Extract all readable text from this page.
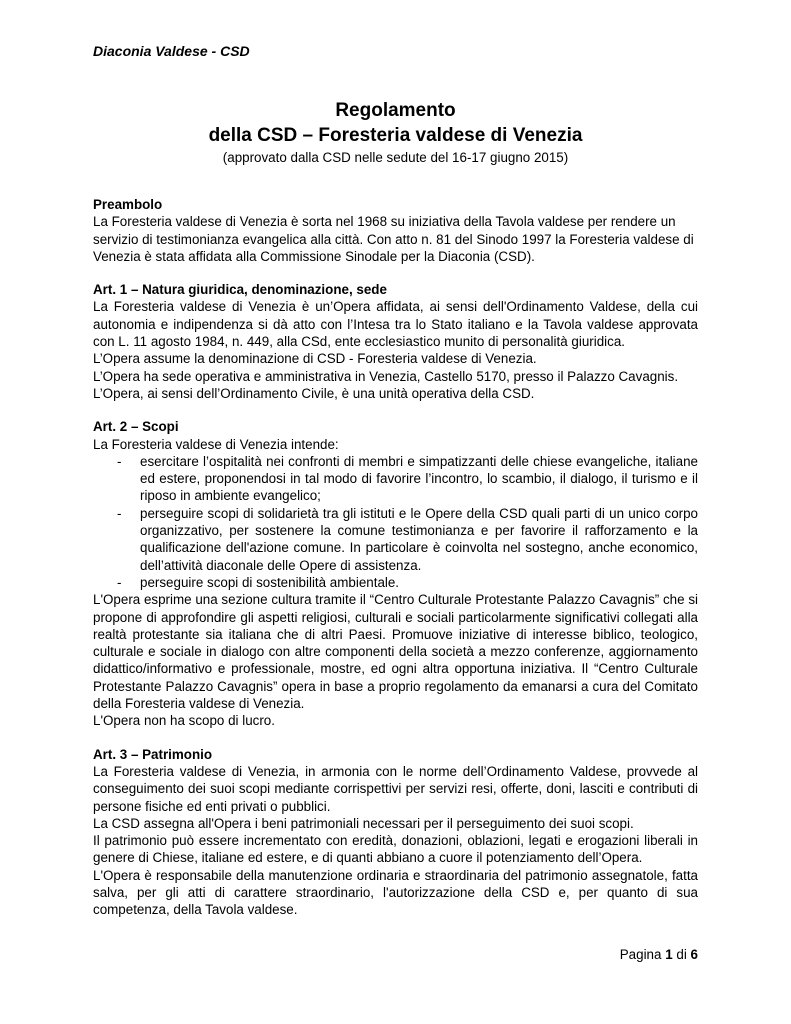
Diaconia Valdese - CSD
Regolamento
della CSD – Foresteria valdese di Venezia
(approvato dalla CSD nelle sedute del 16-17 giugno 2015)
Preambolo
La Foresteria valdese di Venezia è sorta nel 1968 su iniziativa della Tavola valdese per rendere un servizio di testimonianza evangelica alla città. Con atto n. 81 del Sinodo 1997 la Foresteria valdese di Venezia è stata affidata alla Commissione Sinodale per la Diaconia (CSD).
Art. 1 – Natura giuridica, denominazione, sede
La Foresteria valdese di Venezia è un’Opera affidata, ai sensi dell'Ordinamento Valdese, della cui autonomia e indipendenza si dà atto con l’Intesa tra lo Stato italiano e la Tavola valdese approvata con L. 11 agosto 1984, n. 449, alla CSd, ente ecclesiastico munito di personalità giuridica.
L’Opera assume la denominazione di CSD - Foresteria valdese di Venezia.
L’Opera ha sede operativa e amministrativa in Venezia, Castello 5170, presso il Palazzo Cavagnis.
L’Opera, ai sensi dell’Ordinamento Civile, è una unità operativa della CSD.
Art. 2 – Scopi
La Foresteria valdese di Venezia intende:
-	esercitare l’ospitalità nei confronti di membri e simpatizzanti delle chiese evangeliche, italiane ed estere, proponendosi in tal modo di favorire l’incontro, lo scambio, il dialogo, il turismo e il riposo in ambiente evangelico;
-	perseguire scopi di solidarietà tra gli istituti e le Opere della CSD quali parti di un unico corpo organizzativo, per sostenere la comune testimonianza e per favorire il rafforzamento e la qualificazione dell'azione comune. In particolare è coinvolta nel sostegno, anche economico, dell’attività diaconale delle Opere di assistenza.
-	perseguire scopi di sostenibilità ambientale.
L'Opera esprime una sezione cultura tramite il “Centro Culturale Protestante Palazzo Cavagnis” che si propone di approfondire gli aspetti religiosi, culturali e sociali particolarmente significativi collegati alla realtà protestante sia italiana che di altri Paesi. Promuove iniziative di interesse biblico, teologico, culturale e sociale in dialogo con altre componenti della società a mezzo conferenze, aggiornamento didattico/informativo e professionale, mostre, ed ogni altra opportuna iniziativa. Il “Centro Culturale Protestante Palazzo Cavagnis” opera in base a proprio regolamento da emanarsi a cura del Comitato della Foresteria valdese di Venezia.
L'Opera non ha scopo di lucro.
Art. 3 – Patrimonio
La Foresteria valdese di Venezia, in armonia con le norme dell’Ordinamento Valdese, provvede al conseguimento dei suoi scopi mediante corrispettivi per servizi resi, offerte, doni, lasciti e contributi di persone fisiche ed enti privati o pubblici.
La CSD assegna all'Opera i beni patrimoniali necessari per il perseguimento dei suoi scopi.
Il patrimonio può essere incrementato con eredità, donazioni, oblazioni, legati e erogazioni liberali in genere di Chiese, italiane ed estere, e di quanti abbiano a cuore il potenziamento dell’Opera.
L'Opera è responsabile della manutenzione ordinaria e straordinaria del patrimonio assegnatole, fatta salva, per gli atti di carattere straordinario, l'autorizzazione della CSD e, per quanto di sua competenza, della Tavola valdese.
Pagina 1 di 6
